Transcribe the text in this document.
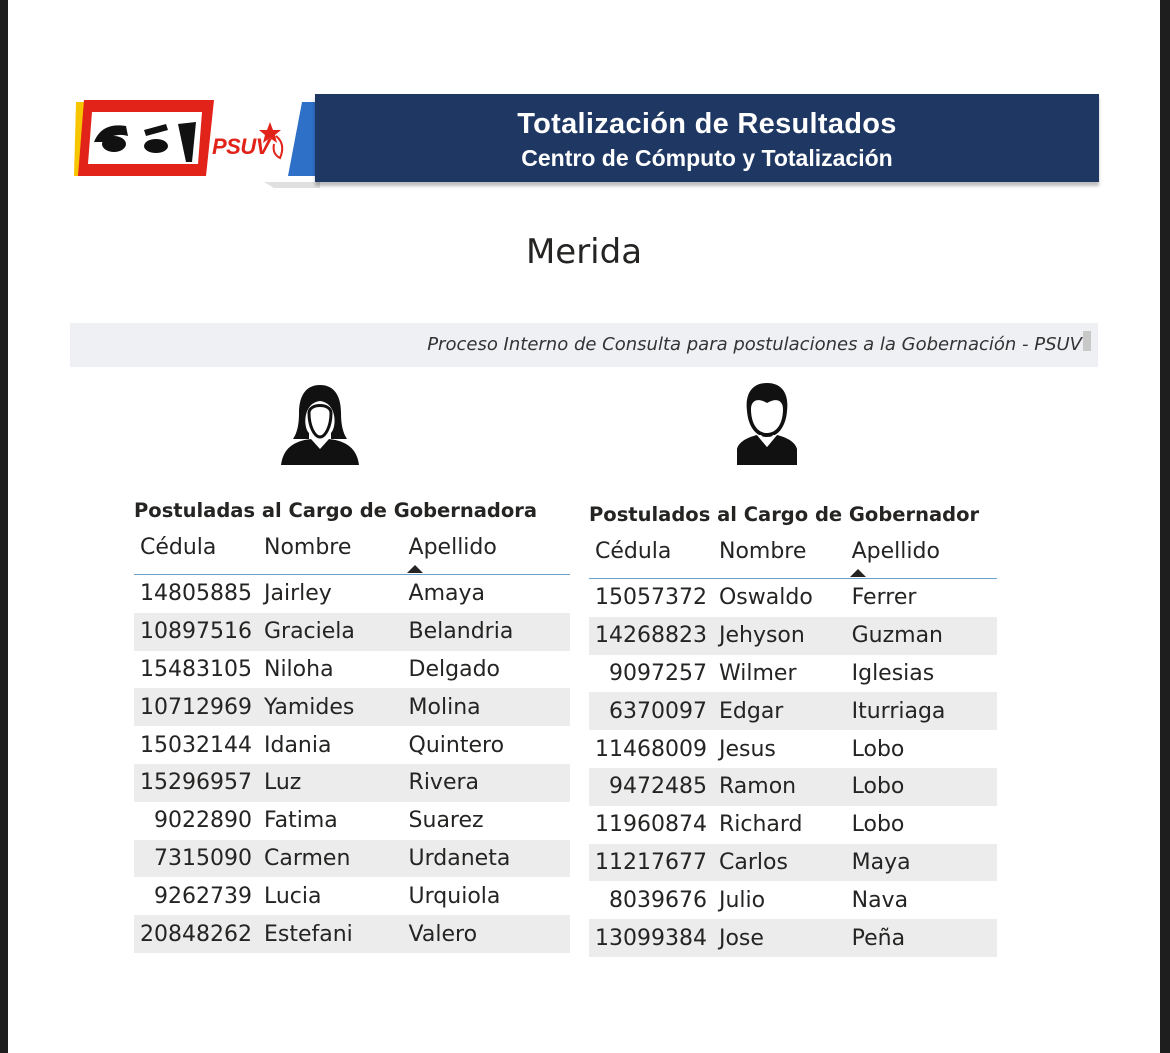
PSUV
Totalización de Resultados
Centro de Cómputo y Totalización
Merida
Proceso Interno de Consulta para postulaciones a la Gobernación - PSUV
Postuladas al Cargo de Gobernadora
Cédula	Nombre	Apellido

14805885	Jairley	Amaya
10897516	Graciela	Belandria
15483105	Niloha	Delgado
10712969	Yamides	Molina
15032144	Idania	Quintero
15296957	Luz	Rivera
9022890	Fatima	Suarez
7315090	Carmen	Urdaneta
9262739	Lucia	Urquiola
20848262	Estefani	Valero
Postulados al Cargo de Gobernador
Cédula	Nombre	Apellido

15057372	Oswaldo	Ferrer
14268823	Jehyson	Guzman
9097257	Wilmer	Iglesias
6370097	Edgar	Iturriaga
11468009	Jesus	Lobo
9472485	Ramon	Lobo
11960874	Richard	Lobo
11217677	Carlos	Maya
8039676	Julio	Nava
13099384	Jose	Peña
